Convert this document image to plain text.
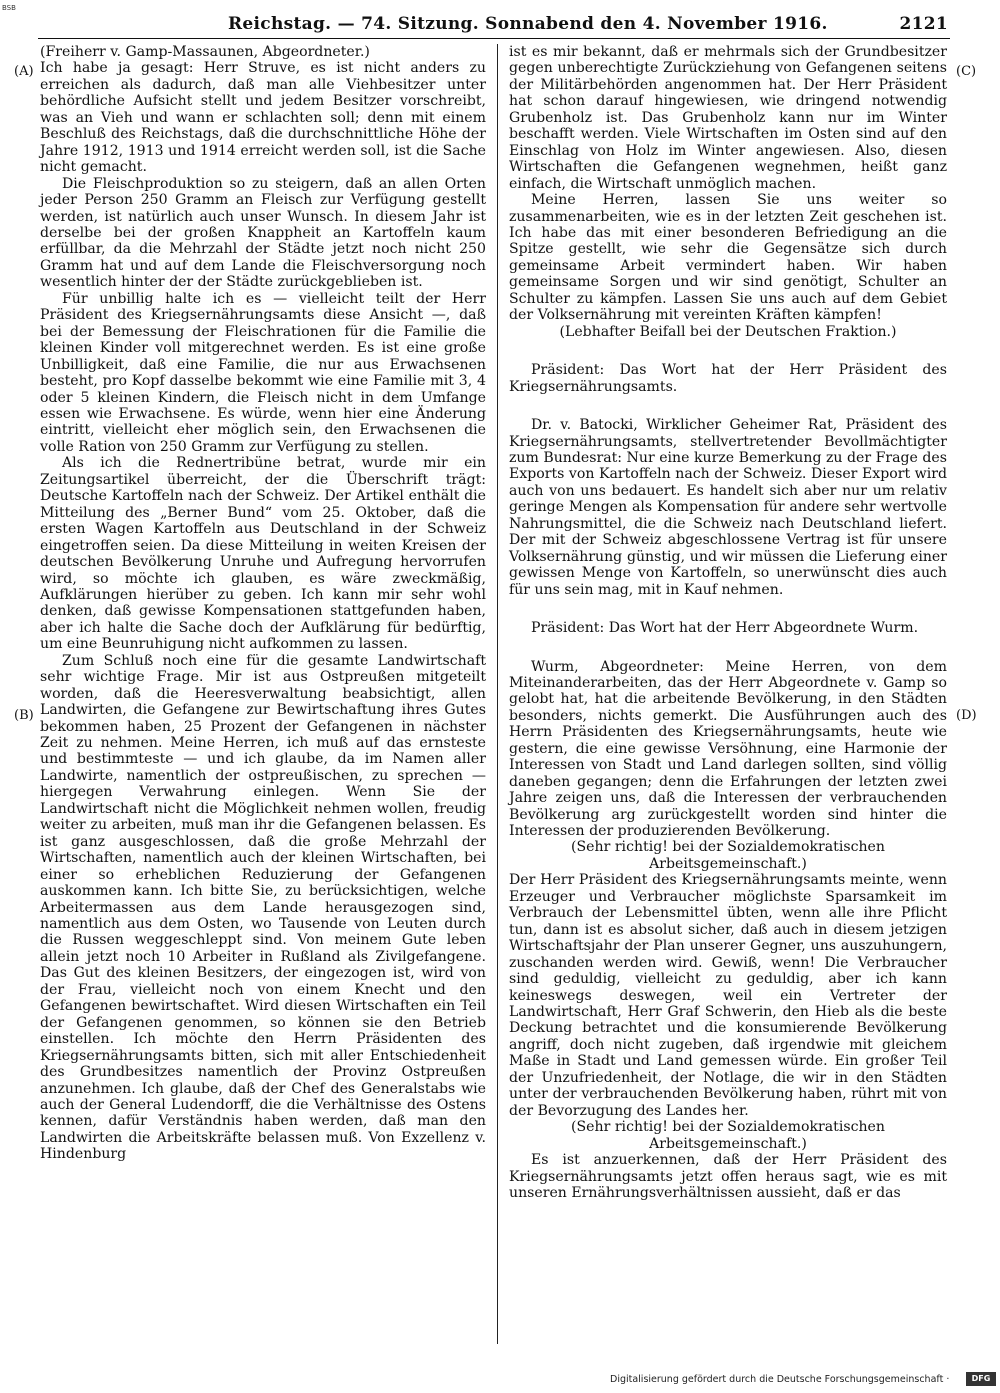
BSB
Reichstag. — 74. Sitzung. Sonnabend den 4. November 1916.	2121
(A)
(B)
(C)
(D)

(Freiherr v. Gamp-Massaunen, Abgeordneter.)

Ich habe ja gesagt: Herr Struve, es ist nicht anders zu erreichen als dadurch, daß man alle Viehbesitzer unter behördliche Aufsicht stellt und jedem Besitzer vorschreibt, was an Vieh und wann er schlachten soll; denn mit einem Beschluß des Reichstags, daß die durchschnittliche Höhe der Jahre 1912, 1913 und 1914 erreicht werden soll, ist die Sache nicht gemacht.

Die Fleischproduktion so zu steigern, daß an allen Orten jeder Person 250 Gramm an Fleisch zur Verfügung gestellt werden, ist natürlich auch unser Wunsch. In diesem Jahr ist derselbe bei der großen Knappheit an Kartoffeln kaum erfüllbar, da die Mehrzahl der Städte jetzt noch nicht 250 Gramm hat und auf dem Lande die Fleischversorgung noch wesentlich hinter der der Städte zurückgeblieben ist.

Für unbillig halte ich es — vielleicht teilt der Herr Präsident des Kriegsernährungsamts diese Ansicht —, daß bei der Bemessung der Fleischrationen für die Familie die kleinen Kinder voll mitgerechnet werden. Es ist eine große Unbilligkeit, daß eine Familie, die nur aus Erwachsenen besteht, pro Kopf dasselbe bekommt wie eine Familie mit 3, 4 oder 5 kleinen Kindern, die Fleisch nicht in dem Umfange essen wie Erwachsene. Es würde, wenn hier eine Änderung eintritt, vielleicht eher möglich sein, den Erwachsenen die volle Ration von 250 Gramm zur Verfügung zu stellen.

Als ich die Rednertribüne betrat, wurde mir ein Zeitungsartikel überreicht, der die Überschrift trägt: Deutsche Kartoffeln nach der Schweiz. Der Artikel enthält die Mitteilung des „Berner Bund“ vom 25. Oktober, daß die ersten Wagen Kartoffeln aus Deutschland in der Schweiz eingetroffen seien. Da diese Mitteilung in weiten Kreisen der deutschen Bevölkerung Unruhe und Aufregung hervorrufen wird, so möchte ich glauben, es wäre zweckmäßig, Aufklärungen hierüber zu geben. Ich kann mir sehr wohl denken, daß gewisse Kompensationen stattgefunden haben, aber ich halte die Sache doch der Aufklärung für bedürftig, um eine Beunruhigung nicht aufkommen zu lassen.

Zum Schluß noch eine für die gesamte Landwirtschaft sehr wichtige Frage. Mir ist aus Ostpreußen mitgeteilt worden, daß die Heeresverwaltung beabsichtigt, allen Landwirten, die Gefangene zur Bewirtschaftung ihres Gutes bekommen haben, 25 Prozent der Gefangenen in nächster Zeit zu nehmen. Meine Herren, ich muß auf das ernsteste und bestimmteste — und ich glaube, da im Namen aller Landwirte, namentlich der ostpreußischen, zu sprechen — hiergegen Verwahrung einlegen. Wenn Sie der Landwirtschaft nicht die Möglichkeit nehmen wollen, freudig weiter zu arbeiten, muß man ihr die Gefangenen belassen. Es ist ganz ausgeschlossen, daß die große Mehrzahl der Wirtschaften, namentlich auch der kleinen Wirtschaften, bei einer so erheblichen Reduzierung der Gefangenen auskommen kann. Ich bitte Sie, zu berücksichtigen, welche Arbeitermassen aus dem Lande herausgezogen sind, namentlich aus dem Osten, wo Tausende von Leuten durch die Russen weggeschleppt sind. Von meinem Gute leben allein jetzt noch 10 Arbeiter in Rußland als Zivilgefangene. Das Gut des kleinen Besitzers, der eingezogen ist, wird von der Frau, vielleicht noch von einem Knecht und den Gefangenen bewirtschaftet. Wird diesen Wirtschaften ein Teil der Gefangenen genommen, so können sie den Betrieb einstellen. Ich möchte den Herrn Präsidenten des Kriegsernährungsamts bitten, sich mit aller Entschiedenheit des Grundbesitzes namentlich der Provinz Ostpreußen anzunehmen. Ich glaube, daß der Chef des Generalstabs wie auch der General Ludendorff, die die Verhältnisse des Ostens kennen, dafür Verständnis haben werden, daß man den Landwirten die Arbeitskräfte belassen muß. Von Exzellenz v. Hindenburg

ist es mir bekannt, daß er mehrmals sich der Grundbesitzer gegen unberechtigte Zurückziehung von Gefangenen seitens der Militärbehörden angenommen hat. Der Herr Präsident hat schon darauf hingewiesen, wie dringend notwendig Grubenholz ist. Das Grubenholz kann nur im Winter beschafft werden. Viele Wirtschaften im Osten sind auf den Einschlag von Holz im Winter angewiesen. Also, diesen Wirtschaften die Gefangenen wegnehmen, heißt ganz einfach, die Wirtschaft unmöglich machen.

Meine Herren, lassen Sie uns weiter so zusammenarbeiten, wie es in der letzten Zeit geschehen ist. Ich habe das mit einer besonderen Befriedigung an die Spitze gestellt, wie sehr die Gegensätze sich durch gemeinsame Arbeit vermindert haben. Wir haben gemeinsame Sorgen und wir sind genötigt, Schulter an Schulter zu kämpfen. Lassen Sie uns auch auf dem Gebiet der Volksernährung mit vereinten Kräften kämpfen!

(Lebhafter Beifall bei der Deutschen Fraktion.)

Präsident: Das Wort hat der Herr Präsident des Kriegsernährungsamts.

Dr. v. Batocki, Wirklicher Geheimer Rat, Präsident des Kriegsernährungsamts, stellvertretender Bevollmächtigter zum Bundesrat: Nur eine kurze Bemerkung zu der Frage des Exports von Kartoffeln nach der Schweiz. Dieser Export wird auch von uns bedauert. Es handelt sich aber nur um relativ geringe Mengen als Kompensation für andere sehr wertvolle Nahrungsmittel, die die Schweiz nach Deutschland liefert. Der mit der Schweiz abgeschlossene Vertrag ist für unsere Volksernährung günstig, und wir müssen die Lieferung einer gewissen Menge von Kartoffeln, so unerwünscht dies auch für uns sein mag, mit in Kauf nehmen.

Präsident: Das Wort hat der Herr Abgeordnete Wurm.

Wurm, Abgeordneter: Meine Herren, von dem Miteinanderarbeiten, das der Herr Abgeordnete v. Gamp so gelobt hat, hat die arbeitende Bevölkerung, in den Städten besonders, nichts gemerkt. Die Ausführungen auch des Herrn Präsidenten des Kriegsernährungsamts, heute wie gestern, die eine gewisse Versöhnung, eine Harmonie der Interessen von Stadt und Land darlegen sollten, sind völlig daneben gegangen; denn die Erfahrungen der letzten zwei Jahre zeigen uns, daß die Interessen der verbrauchenden Bevölkerung arg zurückgestellt worden sind hinter die Interessen der produzierenden Bevölkerung.

(Sehr richtig! bei der Sozialdemokratischen Arbeitsgemeinschaft.)

Der Herr Präsident des Kriegsernährungsamts meinte, wenn Erzeuger und Verbraucher möglichste Sparsamkeit im Verbrauch der Lebensmittel übten, wenn alle ihre Pflicht tun, dann ist es absolut sicher, daß auch in diesem jetzigen Wirtschaftsjahr der Plan unserer Gegner, uns auszuhungern, zuschanden werden wird. Gewiß, wenn! Die Verbraucher sind geduldig, vielleicht zu geduldig, aber ich kann keineswegs deswegen, weil ein Vertreter der Landwirtschaft, Herr Graf Schwerin, den Hieb als die beste Deckung betrachtet und die konsumierende Bevölkerung angriff, doch nicht zugeben, daß irgendwie mit gleichem Maße in Stadt und Land gemessen würde. Ein großer Teil der Unzufriedenheit, der Notlage, die wir in den Städten unter der verbrauchenden Bevölkerung haben, rührt mit von der Bevorzugung des Landes her.

(Sehr richtig! bei der Sozialdemokratischen Arbeitsgemeinschaft.)

Es ist anzuerkennen, daß der Herr Präsident des Kriegsernährungsamts jetzt offen heraus sagt, wie es mit unseren Ernährungsverhältnissen aussieht, daß er das

Digitalisierung gefördert durch die Deutsche Forschungsgemeinschaft ·	DFG
